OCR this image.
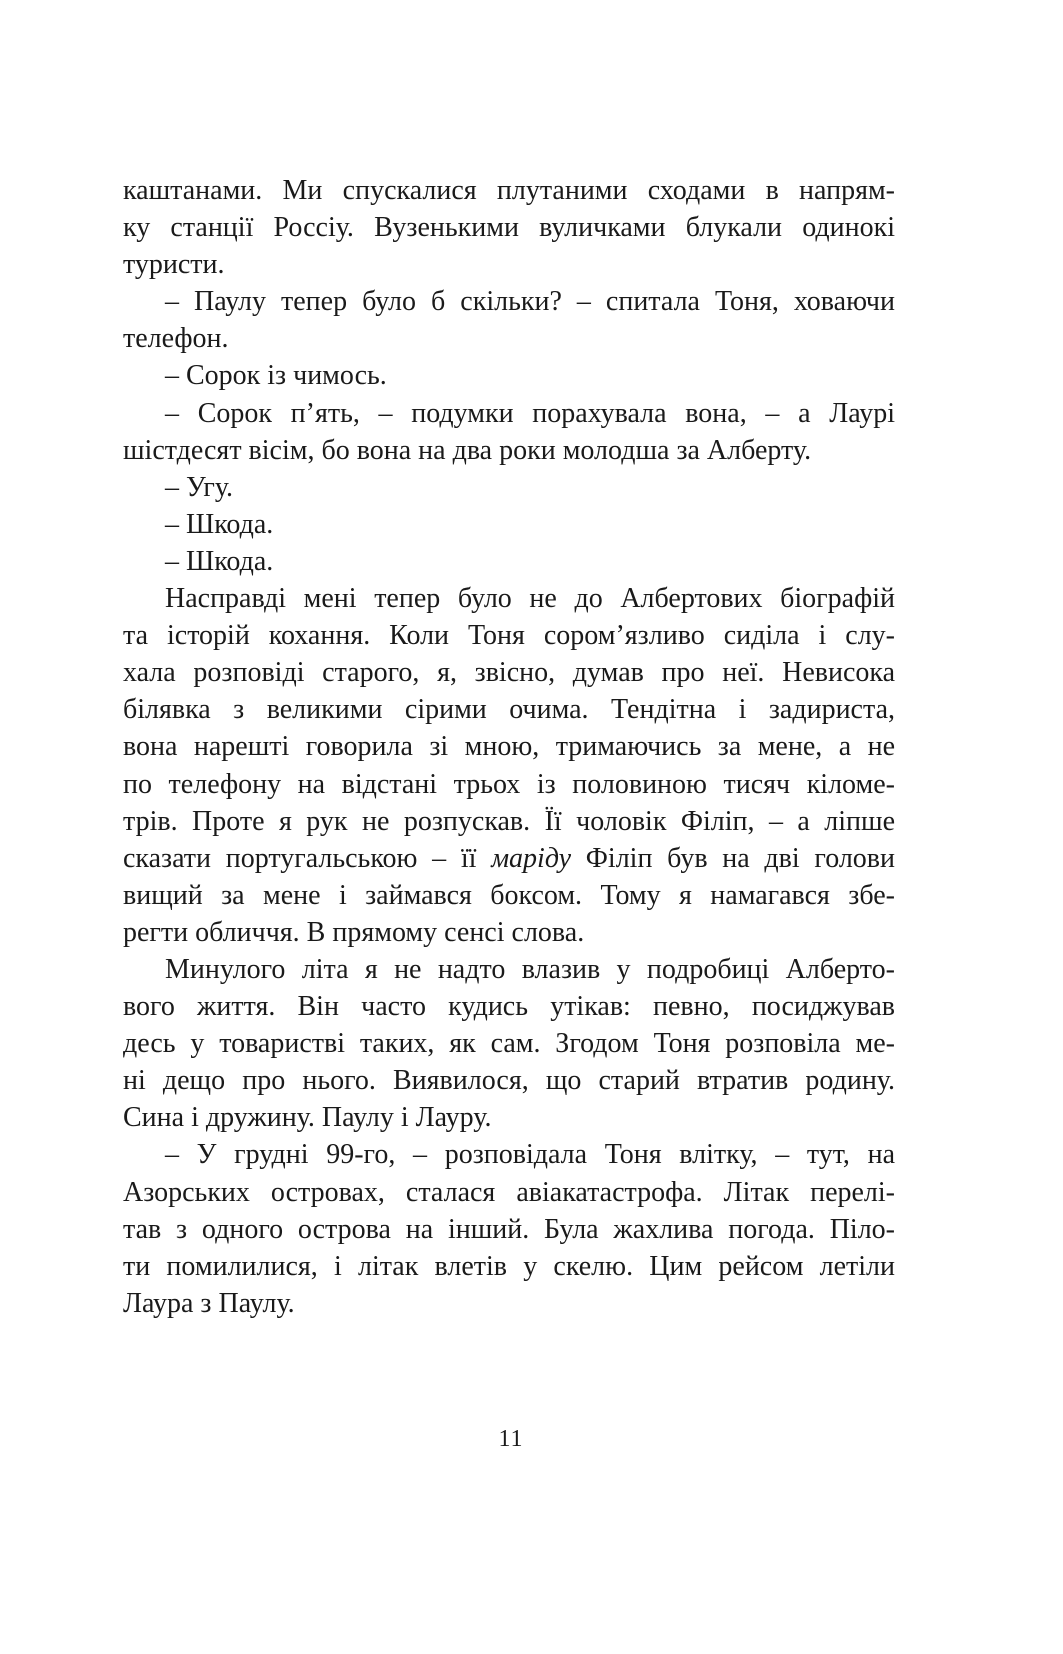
каштанами. Ми спускалися плутаними сходами в напрям-
ку станції Россіу. Вузенькими вуличками блукали одинокі
туристи.
– Паулу тепер було б скільки? – спитала Тоня, ховаючи
телефон.
– Сорок із чимось.
– Сорок п’ять, – подумки порахувала вона, – а Лаурі
шістдесят вісім, бо вона на два роки молодша за Алберту.
– Угу.
– Шкода.
– Шкода.
Насправді мені тепер було не до Албертових біографій
та історій кохання. Коли Тоня сором’язливо сиділа і слу-
хала розповіді старого, я, звісно, думав про неї. Невисока
білявка з великими сірими очима. Тендітна і задириста,
вона нарешті говорила зі мною, тримаючись за мене, а не
по телефону на відстані трьох із половиною тисяч кіломе-
трів. Проте я рук не розпускав. Її чоловік Філіп, – а ліпше
сказати португальською – її маріду Філіп був на дві голови
вищий за мене і займався боксом. Тому я намагався збе-
регти обличчя. В прямому сенсі слова.
Минулого літа я не надто влазив у подробиці Алберто-
вого життя. Він часто кудись утікав: певно, посиджував
десь у товаристві таких, як сам. Згодом Тоня розповіла ме-
ні дещо про нього. Виявилося, що старий втратив родину.
Сина і дружину. Паулу і Лауру.
– У грудні 99-го, – розповідала Тоня влітку, – тут, на
Азорських островах, сталася авіакатастрофа. Літак перелі-
тав з одного острова на інший. Була жахлива погода. Піло-
ти помилилися, і літак влетів у скелю. Цим рейсом летіли
Лаура з Паулу.

11
